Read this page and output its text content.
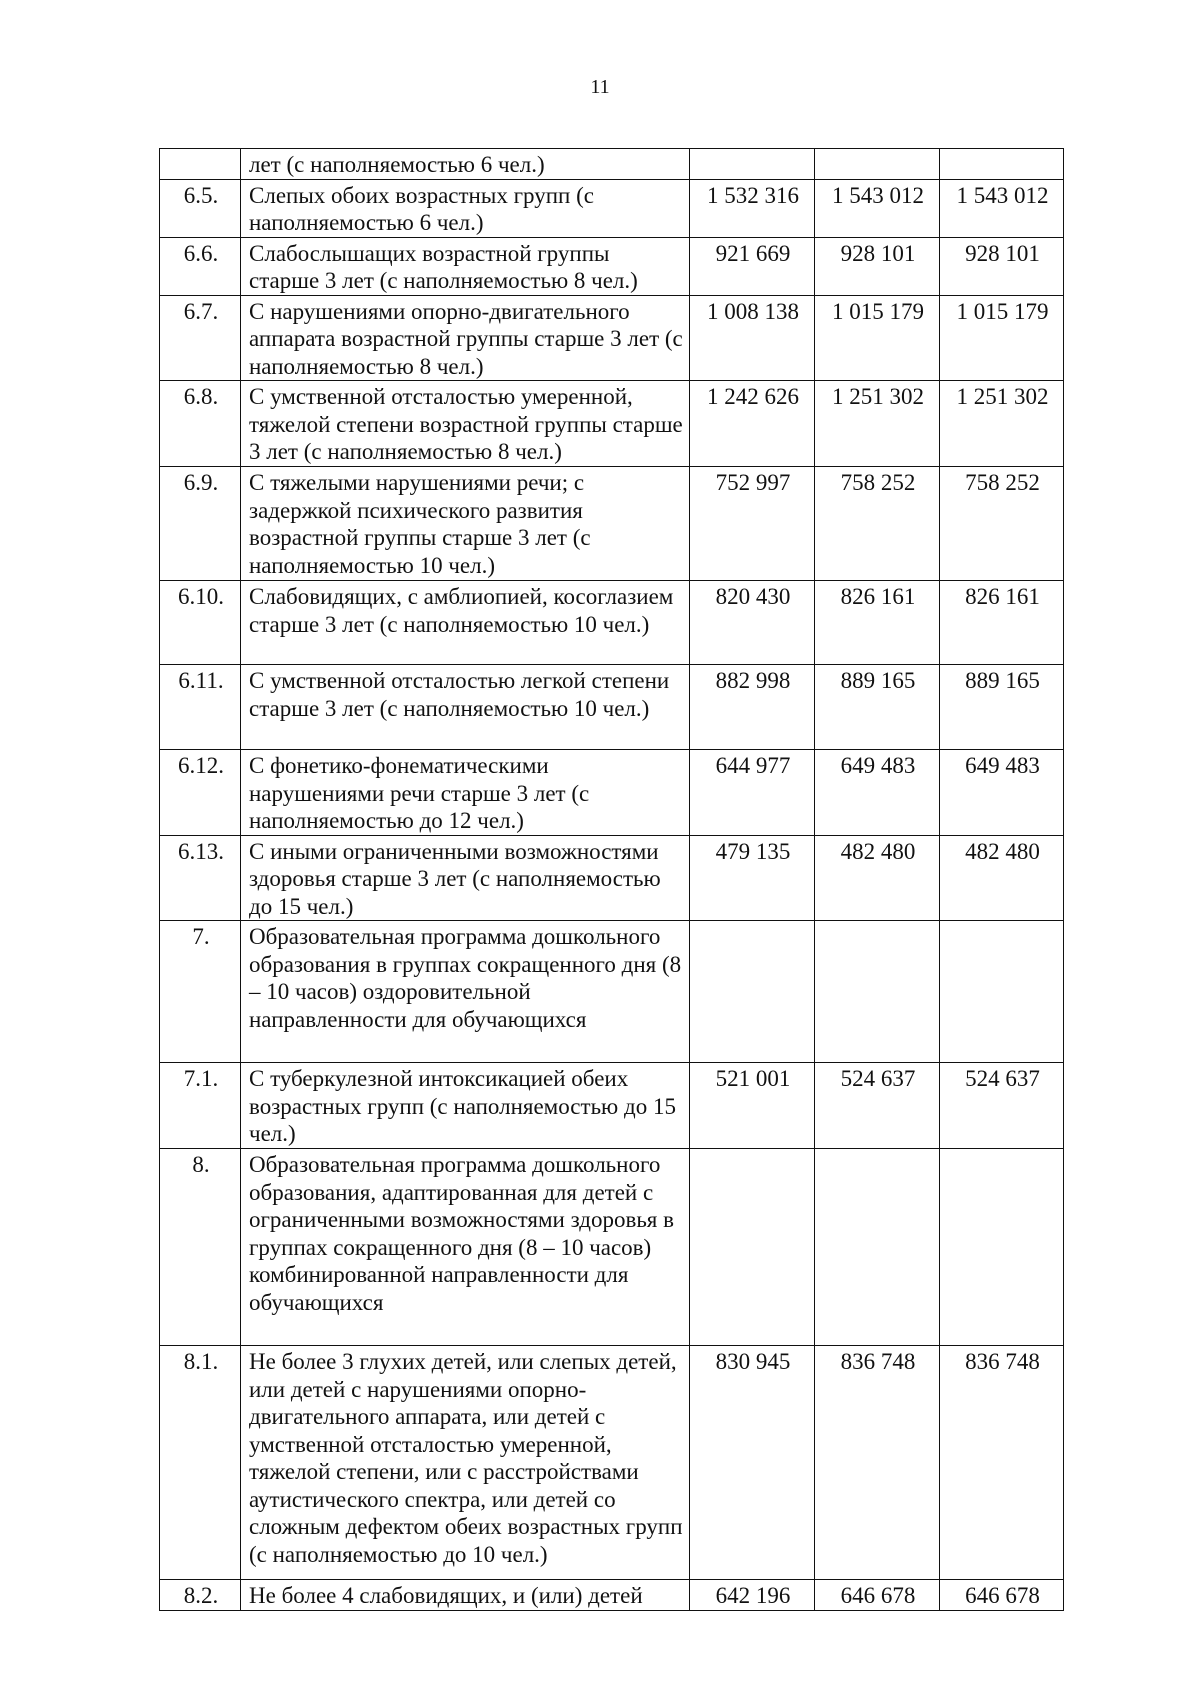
11
	лет (с наполняемостью 6 чел.)			
6.5.	Слепых обоих возрастных групп (с наполняемостью 6 чел.)	1 532 316	1 543 012	1 543 012
6.6.	Слабослышащих возрастной группы старше 3 лет (с наполняемостью 8 чел.)	921 669	928 101	928 101
6.7.	С нарушениями опорно-двигательного аппарата возрастной группы старше 3 лет (с наполняемостью 8 чел.)	1 008 138	1 015 179	1 015 179
6.8.	С умственной отсталостью умеренной, тяжелой степени возрастной группы старше 3 лет (с наполняемостью 8 чел.)	1 242 626	1 251 302	1 251 302
6.9.	С тяжелыми нарушениями речи; с задержкой психического развития возрастной группы старше 3 лет (с наполняемостью 10 чел.)	752 997	758 252	758 252
6.10.	Слабовидящих, с амблиопией, косоглазием старше 3 лет (с наполняемостью 10 чел.)	820 430	826 161	826 161
6.11.	С умственной отсталостью легкой степени старше 3 лет (с наполняемостью 10 чел.)	882 998	889 165	889 165
6.12.	С фонетико-фонематическими нарушениями речи старше 3 лет (с наполняемостью до 12 чел.)	644 977	649 483	649 483
6.13.	С иными ограниченными возможностями здоровья старше 3 лет (с наполняемостью до 15 чел.)	479 135	482 480	482 480
7.	Образовательная программа дошкольного образования в группах сокращенного дня (8 – 10 часов) оздоровительной направленности для обучающихся			
7.1.	С туберкулезной интоксикацией обеих возрастных групп (с наполняемостью до 15 чел.)	521 001	524 637	524 637
8.	Образовательная программа дошкольного образования, адаптированная для детей с ограниченными возможностями здоровья в группах сокращенного дня (8 – 10 часов) комбинированной направленности для обучающихся			
8.1.	Не более 3 глухих детей, или слепых детей, или детей с нарушениями опорно-двигательного аппарата, или детей с умственной отсталостью умеренной, тяжелой степени, или с расстройствами аутистического спектра, или детей со сложным дефектом обеих возрастных групп (с наполняемостью до 10 чел.)	830 945	836 748	836 748
8.2.	Не более 4 слабовидящих, и (или) детей	642 196	646 678	646 678
